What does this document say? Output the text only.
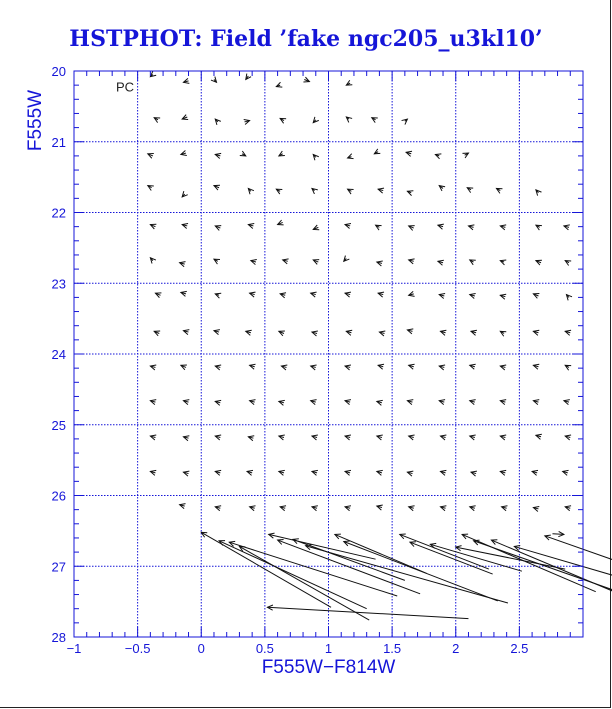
HSTPHOT: Field ’fake ngc205_u3kl10’
−1	−0.5	0	0.5	1	1.5	2	2.5
20
21
22
23
24
25
26
27
28
PC
F555W−F814W
F555W
